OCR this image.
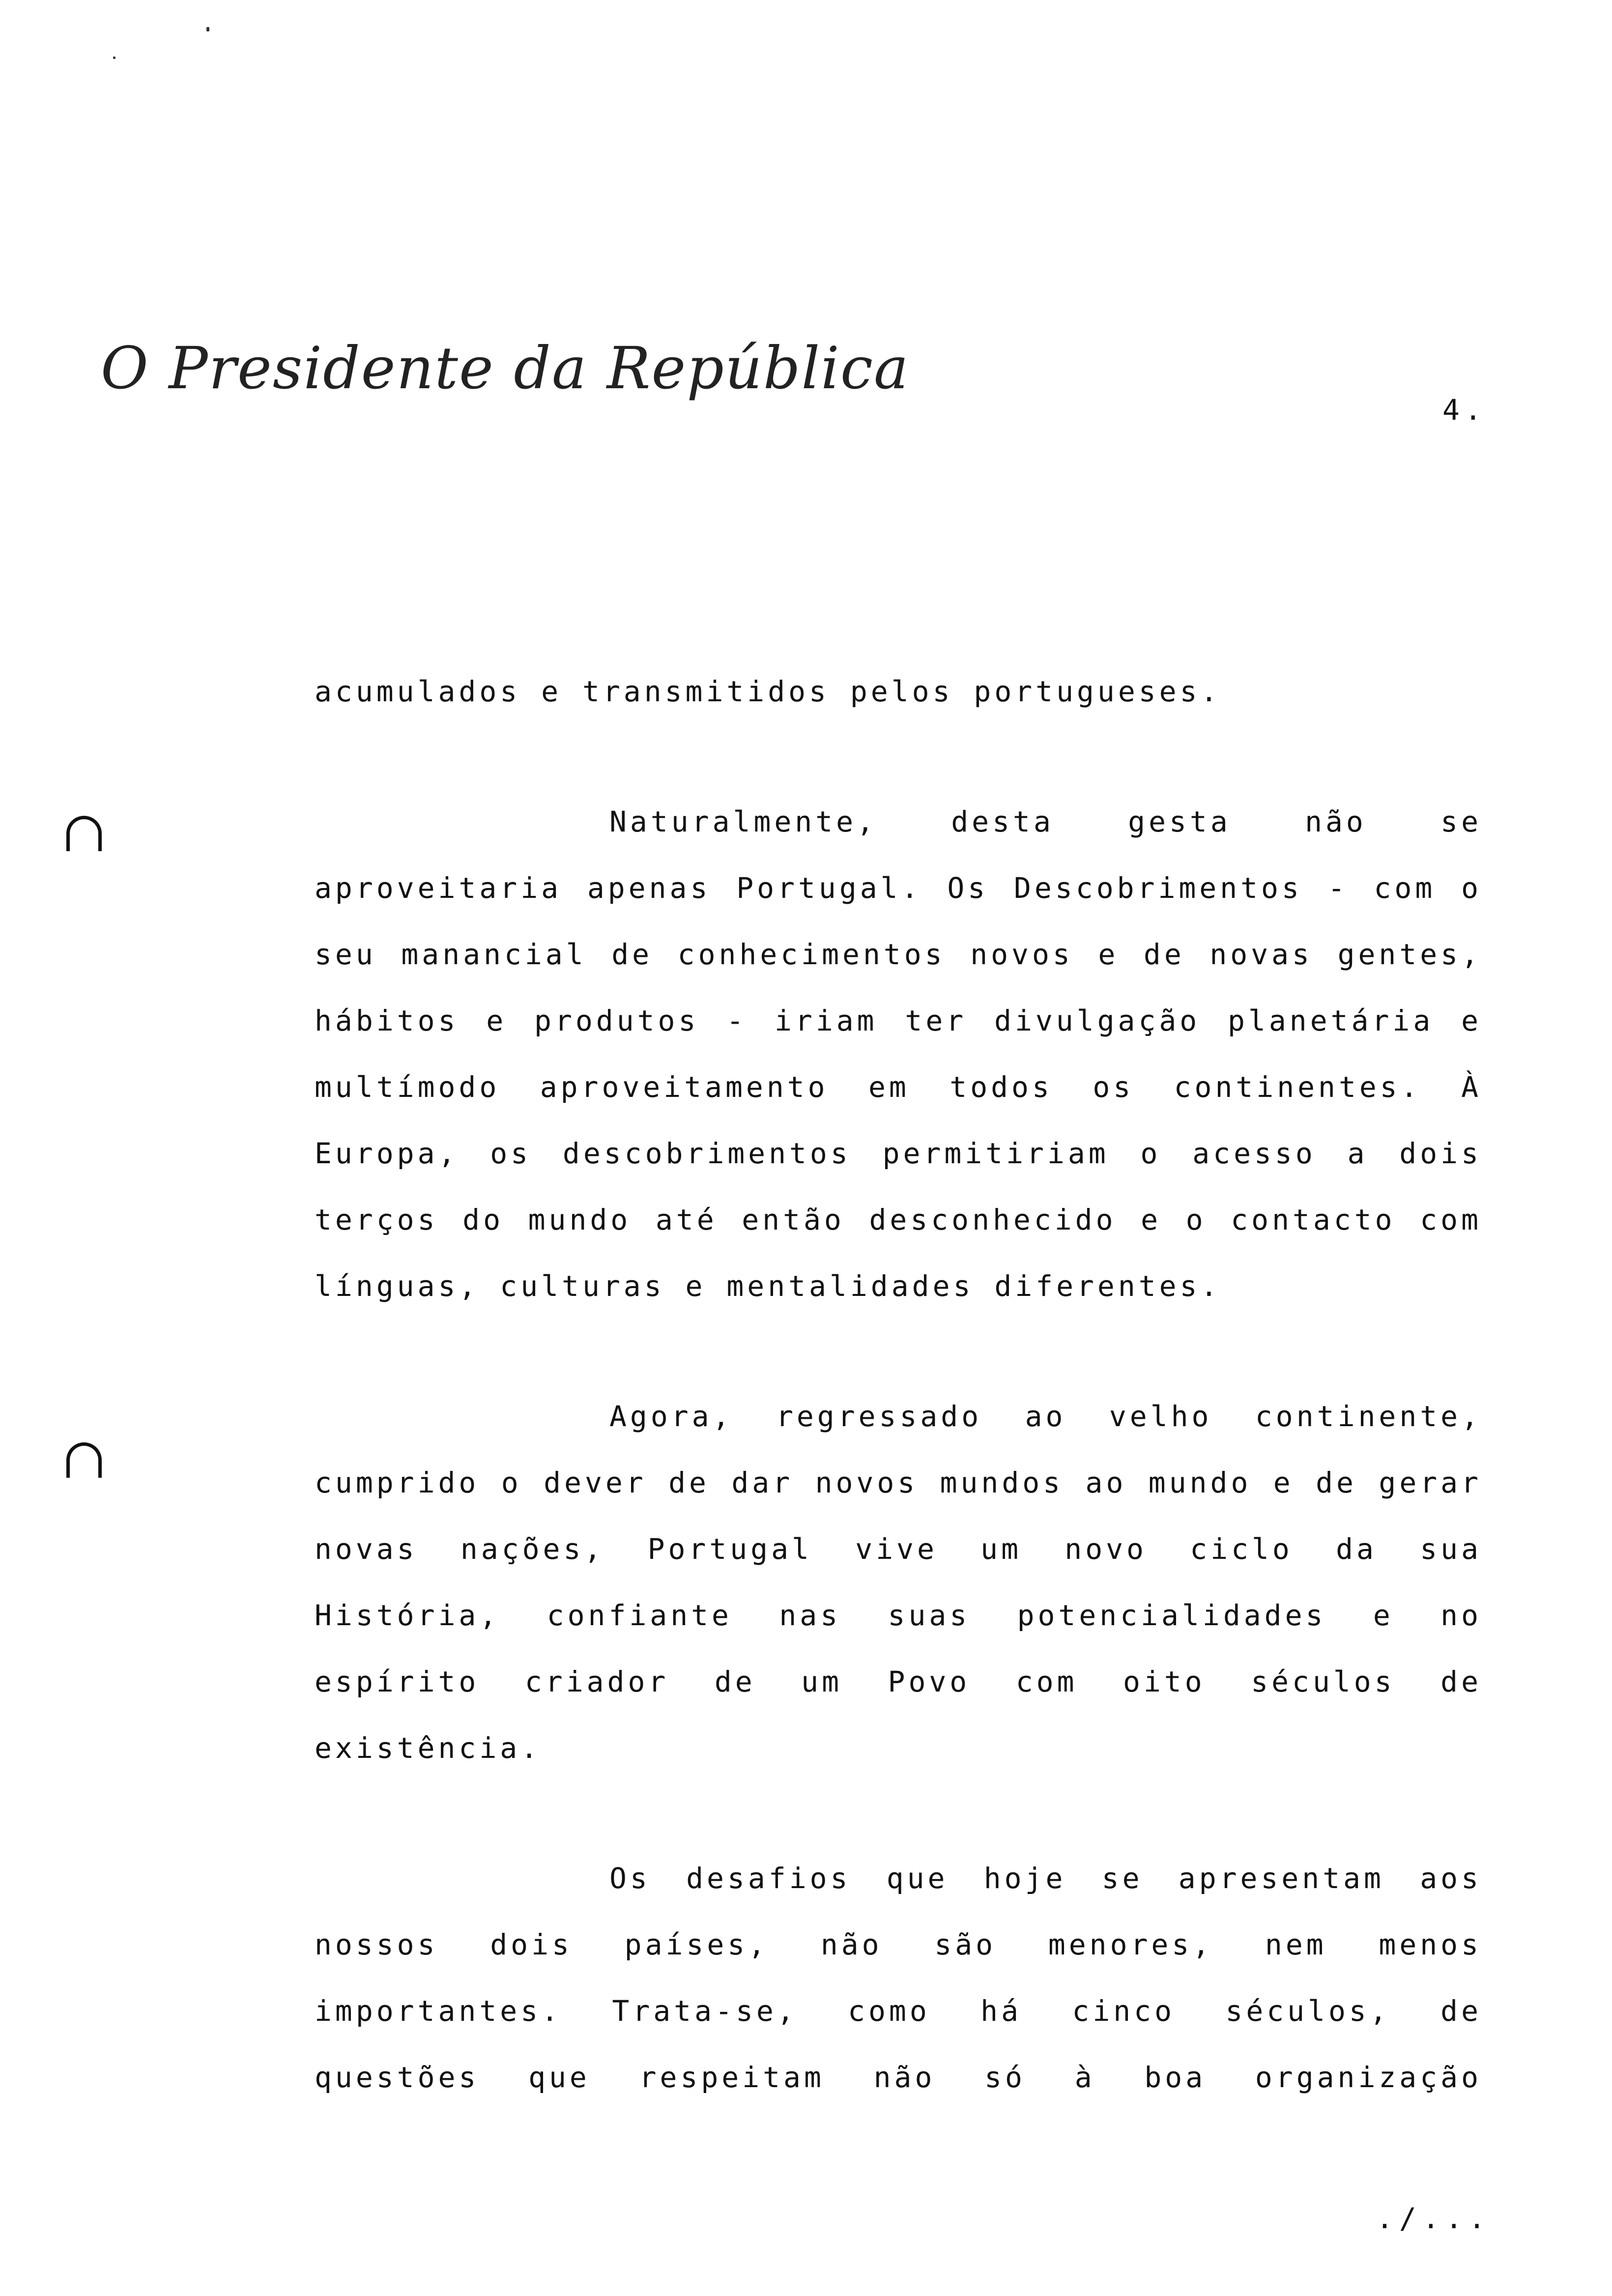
O Presidente da República
4.

acumulados e transmitidos pelos portugueses.

Naturalmente, desta gesta não se aproveitaria apenas Portugal. Os Descobrimentos - com o seu manancial de conhecimentos novos e de novas gentes, hábitos e produtos - iriam ter divulgação planetária e multímodo aproveitamento em todos os continentes. À Europa, os descobrimentos permitiriam o acesso a dois terços do mundo até então desconhecido e o contacto com línguas, culturas e mentalidades diferentes.

Agora, regressado ao velho continente, cumprido o dever de dar novos mundos ao mundo e de gerar novas nações, Portugal vive um novo ciclo da sua História, confiante nas suas potencialidades e no espírito criador de um Povo com oito séculos de existência.

Os desafios que hoje se apresentam aos nossos dois países, não são menores, nem menos importantes. Trata-se, como há cinco séculos, de questões que respeitam não só à boa organização

./...
